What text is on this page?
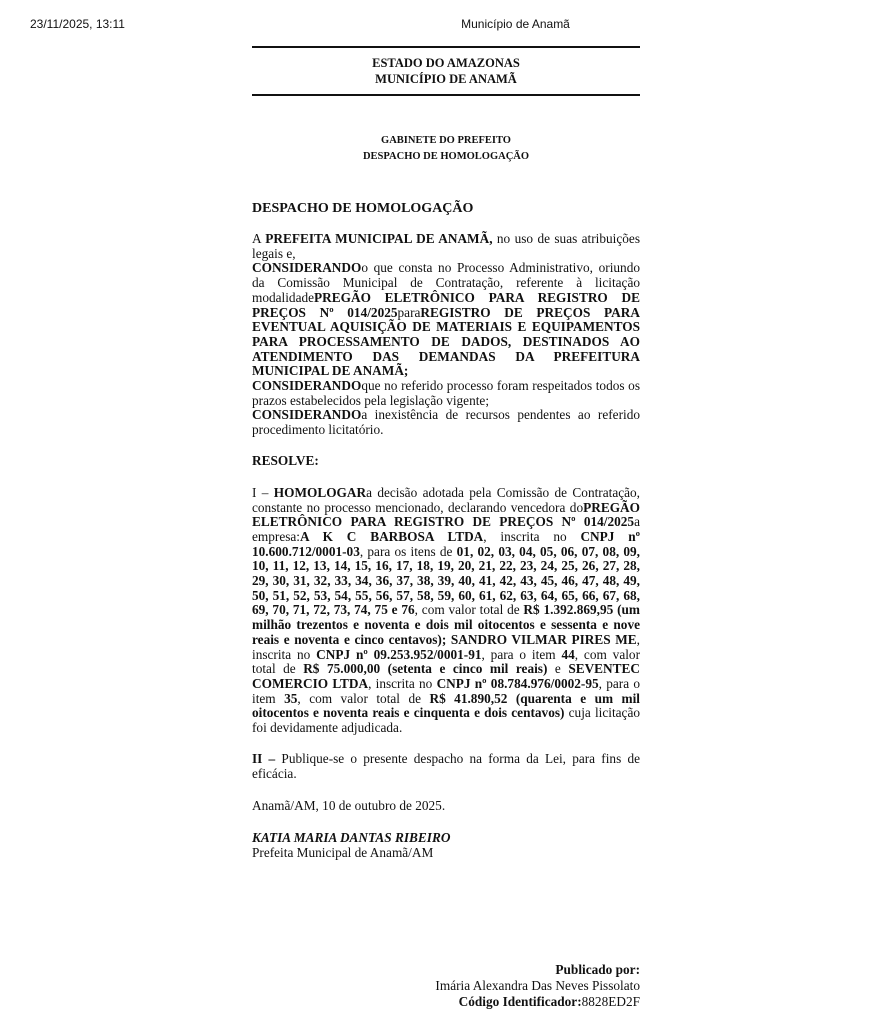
23/11/2025, 13:11	Município de Anamã
ESTADO DO AMAZONAS
MUNICÍPIO DE ANAMÃ
GABINETE DO PREFEITO
DESPACHO DE HOMOLOGAÇÃO
DESPACHO DE HOMOLOGAÇÃO

A PREFEITA MUNICIPAL DE ANAMÃ, no uso de suas atribuições legais e,

CONSIDERANDOo que consta no Processo Administrativo, oriundo da Comissão Municipal de Contratação, referente à licitação modalidadePREGÃO ELETRÔNICO PARA REGISTRO DE PREÇOS Nº 014/2025paraREGISTRO DE PREÇOS PARA EVENTUAL AQUISIÇÃO DE MATERIAIS E EQUIPAMENTOS PARA PROCESSAMENTO DE DADOS, DESTINADOS AO ATENDIMENTO DAS DEMANDAS DA PREFEITURA MUNICIPAL DE ANAMÃ;

CONSIDERANDOque no referido processo foram respeitados todos os prazos estabelecidos pela legislação vigente;

CONSIDERANDOa inexistência de recursos pendentes ao referido procedimento licitatório.

RESOLVE:
I – HOMOLOGARa decisão adotada pela Comissão de Contratação, constante no processo mencionado, declarando vencedora doPREGÃO ELETRÔNICO PARA REGISTRO DE PREÇOS Nº 014/2025a empresa:A K C BARBOSA LTDA, inscrita no CNPJ nº 10.600.712/0001-03, para os itens de 01, 02, 03, 04, 05, 06, 07, 08, 09, 10, 11, 12, 13, 14, 15, 16, 17, 18, 19, 20, 21, 22, 23, 24, 25, 26, 27, 28, 29, 30, 31, 32, 33, 34, 36, 37, 38, 39, 40, 41, 42, 43, 45, 46, 47, 48, 49, 50, 51, 52, 53, 54, 55, 56, 57, 58, 59, 60, 61, 62, 63, 64, 65, 66, 67, 68, 69, 70, 71, 72, 73, 74, 75 e 76, com valor total de R$ 1.392.869,95 (um milhão trezentos e noventa e dois mil oitocentos e sessenta e nove reais e noventa e cinco centavos); SANDRO VILMAR PIRES ME, inscrita no CNPJ nº 09.253.952/0001-91, para o item 44, com valor total de R$ 75.000,00 (setenta e cinco mil reais) e SEVENTEC COMERCIO LTDA, inscrita no CNPJ nº 08.784.976/0002-95, para o item 35, com valor total de R$ 41.890,52 (quarenta e um mil oitocentos e noventa reais e cinquenta e dois centavos) cuja licitação foi devidamente adjudicada.
II – Publique-se o presente despacho na forma da Lei, para fins de eficácia.
Anamã/AM, 10 de outubro de 2025.
KATIA MARIA DANTAS RIBEIRO
Prefeita Municipal de Anamã/AM
Publicado por:
Imária Alexandra Das Neves Pissolato
Código Identificador:8828ED2F
